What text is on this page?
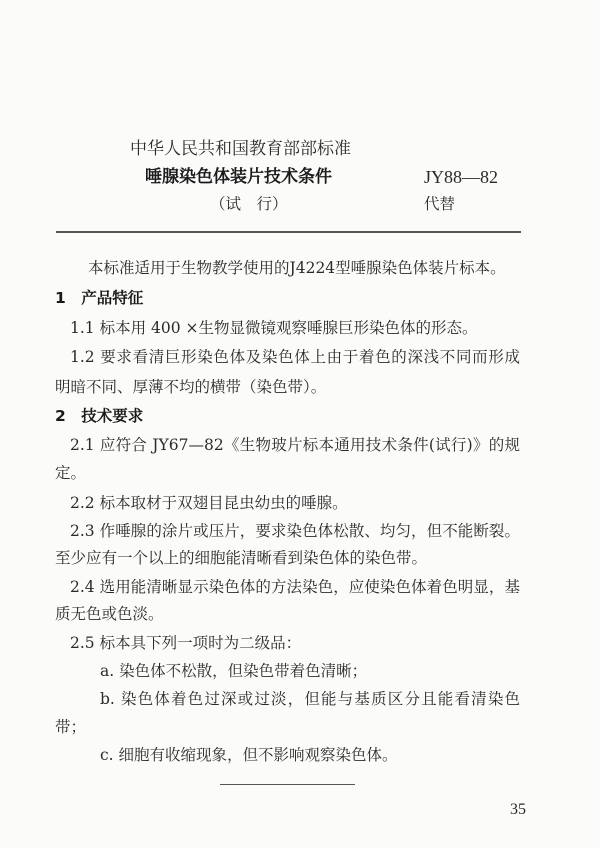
中华人民共和国教育部部标准
唾腺染色体装片技术条件	JY88—82
（试　行）	代替
本标准适用于生物教学使用的J4224型唾腺染色体装片标本。
1　产品特征
1.1 标本用 400 ×生物显微镜观察唾腺巨形染色体的形态。
1.2 要求看清巨形染色体及染色体上由于着色的深浅不同而形成
明暗不同、厚薄不均的横带（染色带）。
2　技术要求
2.1 应符合 JY67—82《生物玻片标本通用技术条件(试行)》的规
定。
2.2 标本取材于双翅目昆虫幼虫的唾腺。
2.3 作唾腺的涂片或压片，要求染色体松散、均匀，但不能断裂。
至少应有一个以上的细胞能清晰看到染色体的染色带。
2.4 选用能清晰显示染色体的方法染色，应使染色体着色明显，基
质无色或色淡。
2.5 标本具下列一项时为二级品：
a. 染色体不松散，但染色带着色清晰；
b. 染色体着色过深或过淡，但能与基质区分且能看清染色
带；
c. 细胞有收缩现象，但不影响观察染色体。
35
